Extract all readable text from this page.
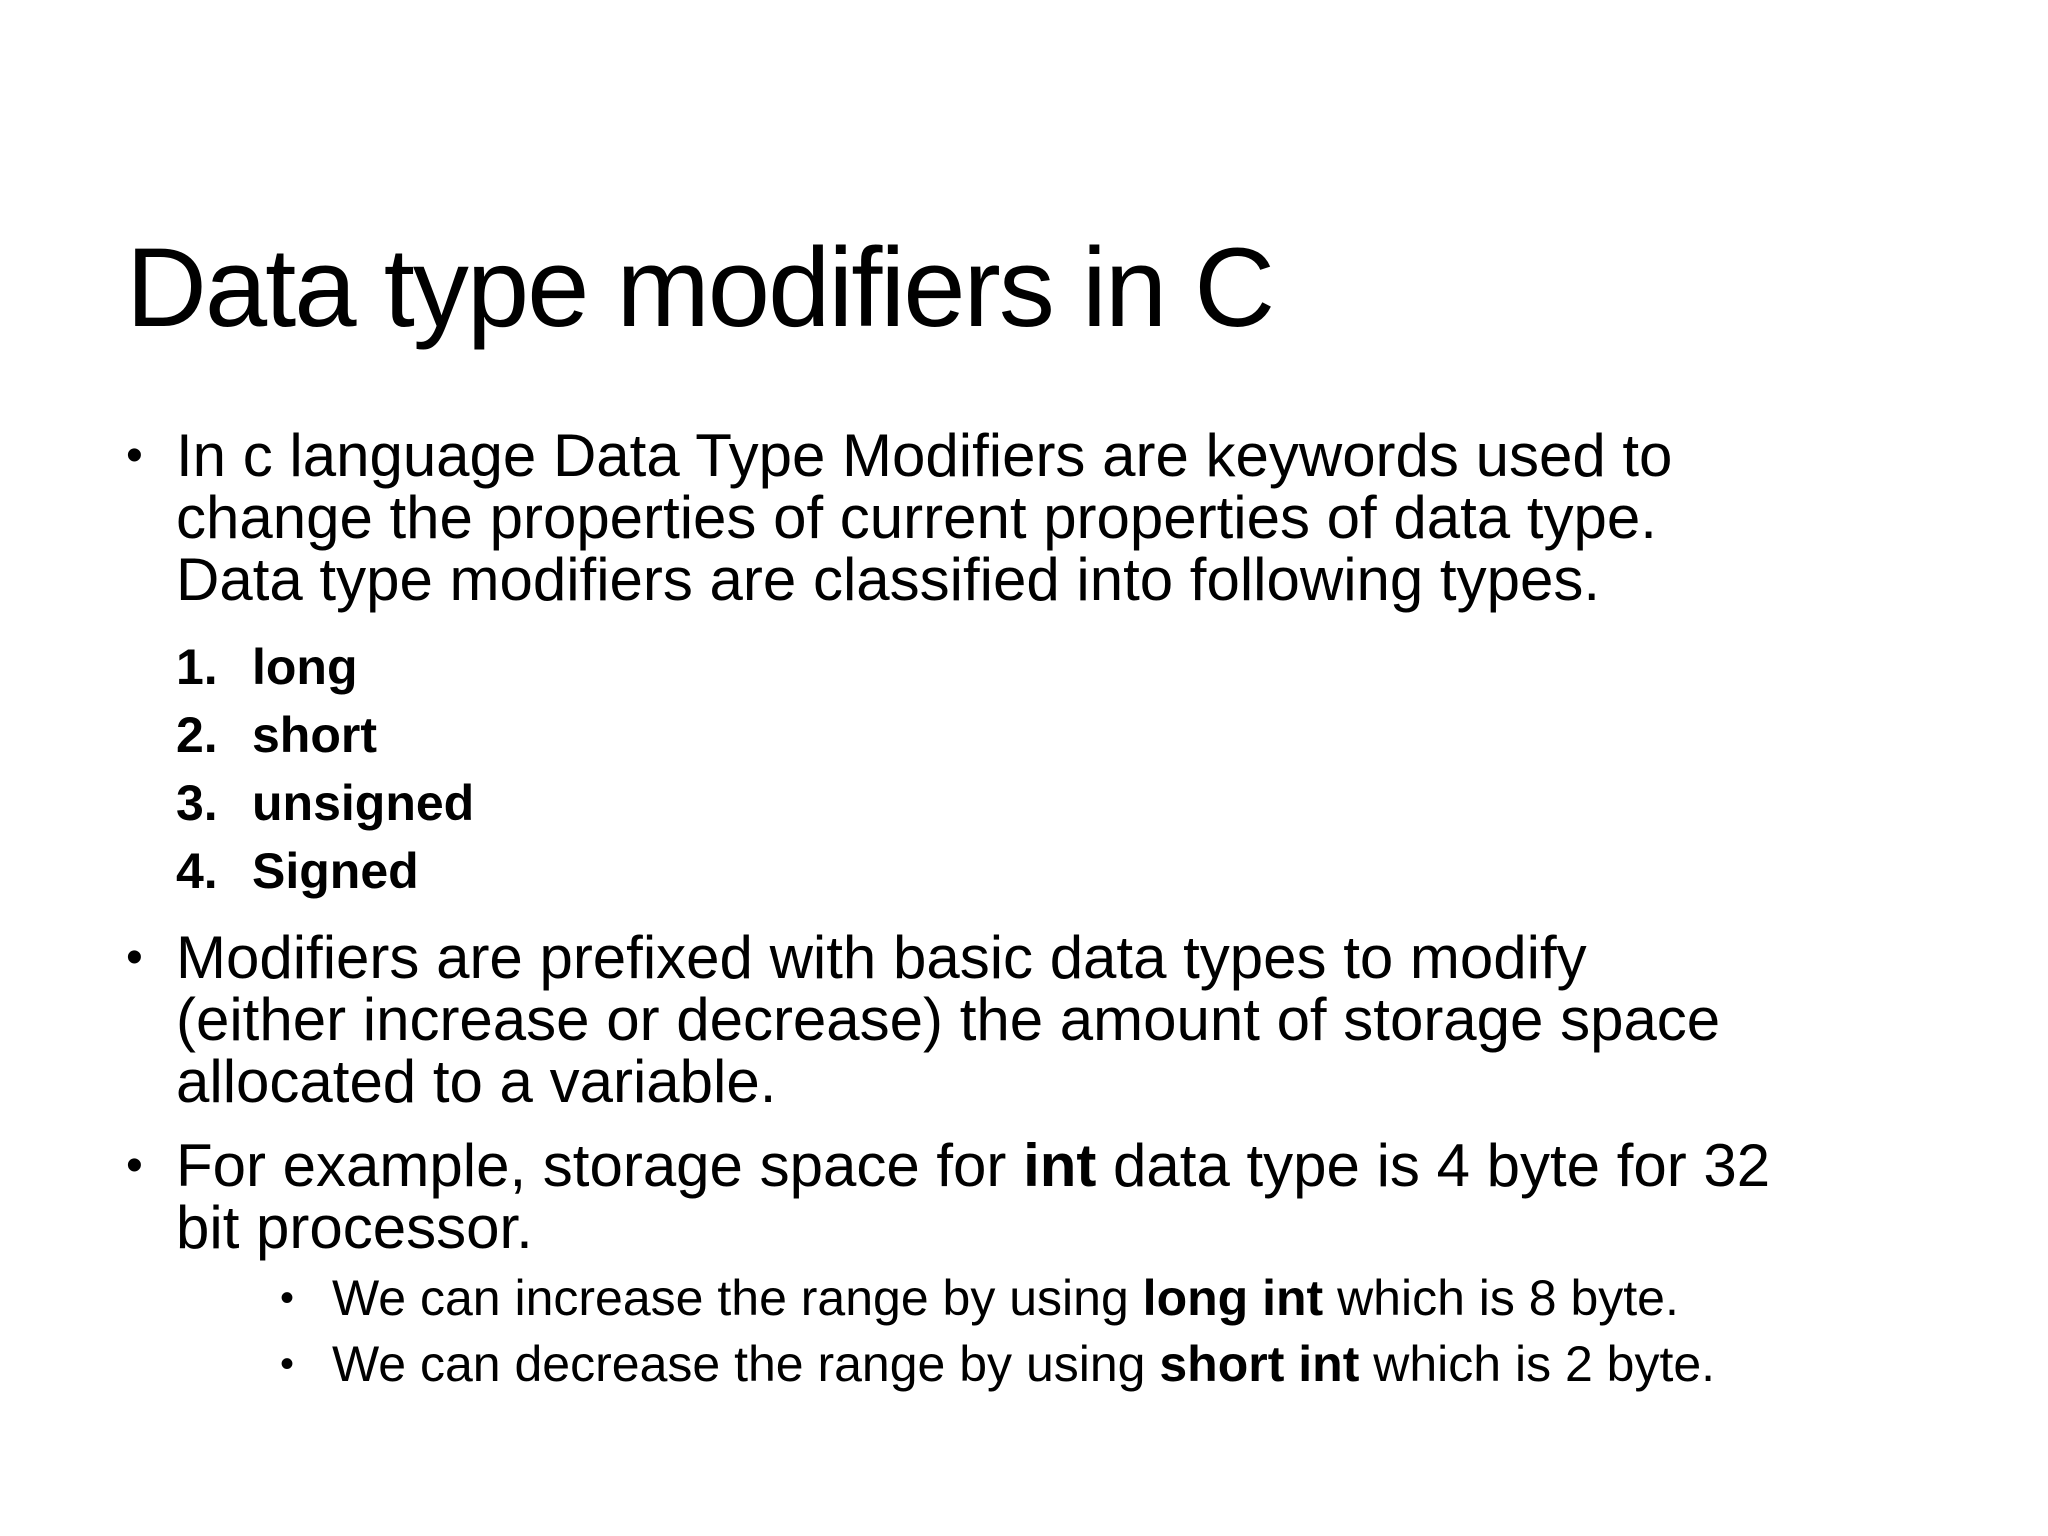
Data type modifiers in C
• In c language Data Type Modifiers are keywords used to
change the properties of current properties of data type.
Data type modifiers are classified into following types.
1. long
2. short
3. unsigned
4. Signed
• Modifiers are prefixed with basic data types to modify
(either increase or decrease) the amount of storage space
allocated to a variable.
• For example, storage space for int data type is 4 byte for 32
bit processor.
• We can increase the range by using long int which is 8 byte.
• We can decrease the range by using short int which is 2 byte.
